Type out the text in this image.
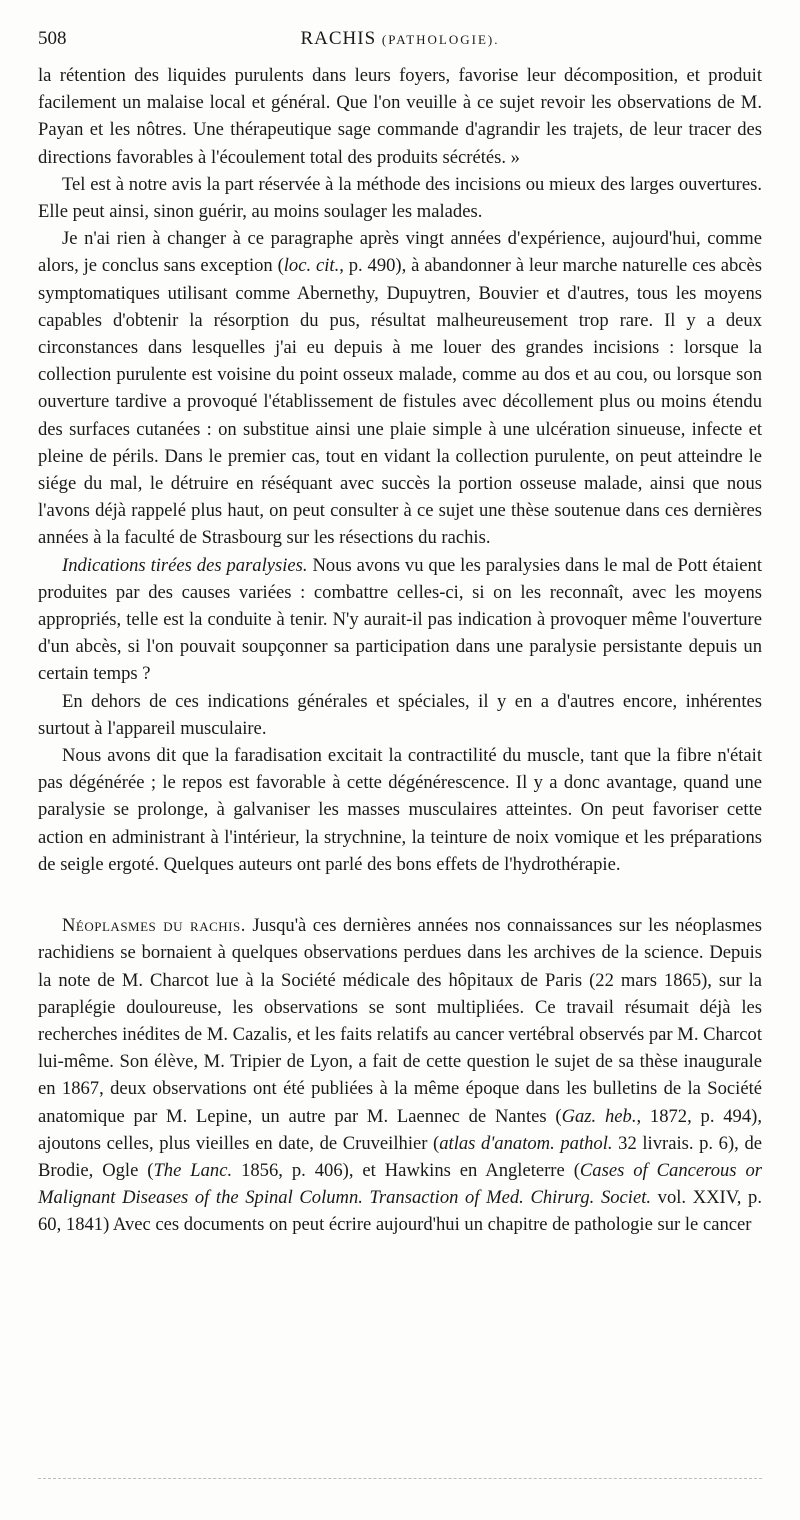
508	RACHIS (PATHOLOGIE).

la rétention des liquides purulents dans leurs foyers, favorise leur décomposition, et produit facilement un malaise local et général. Que l'on veuille à ce sujet revoir les observations de M. Payan et les nôtres. Une thérapeutique sage commande d'agrandir les trajets, de leur tracer des directions favorables à l'écoulement total des produits sécrétés. »

Tel est à notre avis la part réservée à la méthode des incisions ou mieux des larges ouvertures. Elle peut ainsi, sinon guérir, au moins soulager les malades.

Je n'ai rien à changer à ce paragraphe après vingt années d'expérience, aujourd'hui, comme alors, je conclus sans exception (loc. cit., p. 490), à abandonner à leur marche naturelle ces abcès symptomatiques utilisant comme Abernethy, Dupuytren, Bouvier et d'autres, tous les moyens capables d'obtenir la résorption du pus, résultat malheureusement trop rare. Il y a deux circonstances dans lesquelles j'ai eu depuis à me louer des grandes incisions : lorsque la collection purulente est voisine du point osseux malade, comme au dos et au cou, ou lorsque son ouverture tardive a provoqué l'établissement de fistules avec décollement plus ou moins étendu des surfaces cutanées : on substitue ainsi une plaie simple à une ulcération sinueuse, infecte et pleine de périls. Dans le premier cas, tout en vidant la collection purulente, on peut atteindre le siége du mal, le détruire en réséquant avec succès la portion osseuse malade, ainsi que nous l'avons déjà rappelé plus haut, on peut consulter à ce sujet une thèse soutenue dans ces dernières années à la faculté de Strasbourg sur les résections du rachis.

Indications tirées des paralysies. Nous avons vu que les paralysies dans le mal de Pott étaient produites par des causes variées : combattre celles-ci, si on les reconnaît, avec les moyens appropriés, telle est la conduite à tenir. N'y aurait-il pas indication à provoquer même l'ouverture d'un abcès, si l'on pouvait soupçonner sa participation dans une paralysie persistante depuis un certain temps ?

En dehors de ces indications générales et spéciales, il y en a d'autres encore, inhérentes surtout à l'appareil musculaire.

Nous avons dit que la faradisation excitait la contractilité du muscle, tant que la fibre n'était pas dégénérée ; le repos est favorable à cette dégénérescence. Il y a donc avantage, quand une paralysie se prolonge, à galvaniser les masses musculaires atteintes. On peut favoriser cette action en administrant à l'intérieur, la strychnine, la teinture de noix vomique et les préparations de seigle ergoté. Quelques auteurs ont parlé des bons effets de l'hydrothérapie.

Néoplasmes du rachis. Jusqu'à ces dernières années nos connaissances sur les néoplasmes rachidiens se bornaient à quelques observations perdues dans les archives de la science. Depuis la note de M. Charcot lue à la Société médicale des hôpitaux de Paris (22 mars 1865), sur la paraplégie douloureuse, les observations se sont multipliées. Ce travail résumait déjà les recherches inédites de M. Cazalis, et les faits relatifs au cancer vertébral observés par M. Charcot lui-même. Son élève, M. Tripier de Lyon, a fait de cette question le sujet de sa thèse inaugurale en 1867, deux observations ont été publiées à la même époque dans les bulletins de la Société anatomique par M. Lepine, un autre par M. Laennec de Nantes (Gaz. heb., 1872, p. 494), ajoutons celles, plus vieilles en date, de Cruveilhier (atlas d'anatom. pathol. 32 livrais. p. 6), de Brodie, Ogle (The Lanc. 1856, p. 406), et Hawkins en Angleterre (Cases of Cancerous or Malignant Diseases of the Spinal Column. Transaction of Med. Chirurg. Societ. vol. XXIV, p. 60, 1841) Avec ces documents on peut écrire aujourd'hui un chapitre de pathologie sur le cancer
